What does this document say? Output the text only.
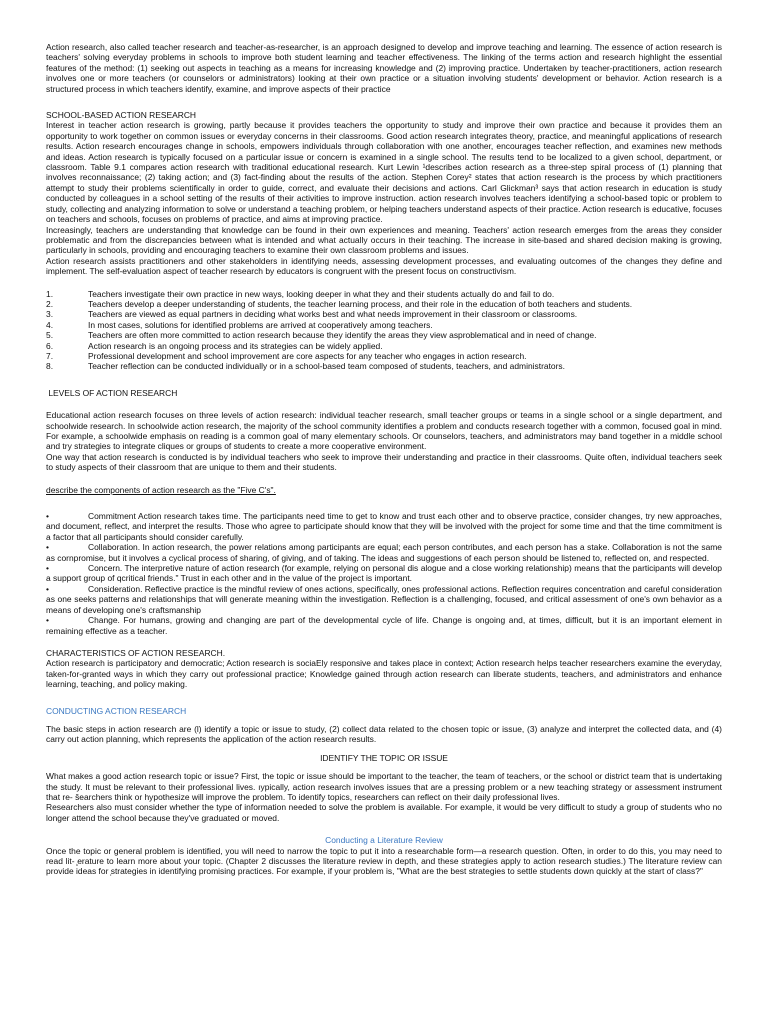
Action research, also called teacher research and teacher-as-researcher, is an approach designed to develop and improve teaching and learning. The essence of action research is teachers' solving everyday problems in schools to improve both student learning and teacher effectiveness. The linking of the terms action and research highlight the essential features of the method: (1) seeking out aspects in teaching as a means for increasing knowledge and (2) improving practice. Undertaken by teacher-practitioners, action research involves one or more teachers (or counselors or administrators) looking at their own practice or a situation involving students' development or behavior. Action research is a structured process in which teachers identify, examine, and improve aspects of their practice

SCHOOL-BASED ACTION RESEARCH

Interest in teacher action research is growing, partly because it provides teachers the opportunity to study and improve their own practice and because it provides them an opportunity to work together on common issues or everyday concerns in their classrooms. Good action research integrates theory, practice, and meaningful applications of research results. Action research encourages change in schools, empowers individuals through collaboration with one another, encourages teacher reflection, and examines new methods and ideas. Action research is typically focused on a particular issue or concern is examined in a single school. The results tend to be localized to a given school, department, or classroom. Table 9.1 compares action research with traditional educational research. Kurt Lewin ¹describes action research as a three-step spiral process of (1) planning that involves reconnaissance; (2) taking action; and (3) fact-finding about the results of the action. Stephen Corey² states that action research is the process by which practitioners attempt to study their problems scientifically in order to guide, correct, and evaluate their decisions and actions. Carl Glickman³ says that action research in education is study conducted by colleagues in a school setting of the results of their activities to improve instruction. action research involves teachers identifying a school-based topic or problem to study, collecting and analyzing information to solve or understand a teaching problem, or helping teachers understand aspects of their practice. Action research is educative, focuses on teachers and schools, focuses on problems of practice, and aims at improving practice.

Increasingly, teachers are understanding that knowledge can be found in their own experiences and meaning. Teachers' action research emerges from the areas they consider problematic and from the discrepancies between what is intended and what actually occurs in their teaching. The increase in site-based and shared decision making is growing, particularly in schools, providing and encouraging teachers to examine their own classroom problems and issues.

Action research assists practitioners and other stakeholders in identifying needs, assessing development processes, and evaluating outcomes of the changes they define and implement. The self-evaluation aspect of teacher research by educators is congruent with the present focus on constructivism.

1.	Teachers investigate their own practice in new ways, looking deeper in what they and their students actually do and fail to do.
2.	Teachers develop a deeper understanding of students, the teacher learning process, and their role in the education of both teachers and students.
3.	Teachers are viewed as equal partners in deciding what works best and what needs improvement in their classroom or classrooms.
4.	In most cases, solutions for identified problems are arrived at cooperatively among teachers.
5.	Teachers are often more committed to action research because they identify the areas they view asproblematical and in need of change.
6.	Action research is an ongoing process and its strategies can be widely applied.
7.	Professional development and school improvement are core aspects for any teacher who engages in action research.
8.	Teacher reflection can be conducted individually or in a school-based team composed of students, teachers, and administrators.

LEVELS OF ACTION RESEARCH

Educational action research focuses on three levels of action research: individual teacher research, small teacher groups or teams in a single school or a single department, and schoolwide research. In schoolwide action research, the majority of the school community identifies a problem and conducts research together with a common, focused goal in mind. For example, a schoolwide emphasis on reading is a common goal of many elementary schools. Or counselors, teachers, and administrators may band together in a middle school and try strategies to integrate cliques or groups of students to create a more cooperative environment.

One way that action research is conducted is by individual teachers who seek to improve their understanding and practice in their classrooms. Quite often, individual teachers seek to study aspects of their classroom that are unique to them and their students.

describe the components of action research as the "Five C's".

•	Commitment Action research takes time. The participants need time to get to know and trust each other and to observe practice, consider changes, try new approaches, and document, reflect, and interpret the results. Those who agree to participate should know that they will be involved with the project for some time and that the time commitment is a factor that all participants should consider carefully.

•	Collaboration. In action research, the power relations among participants are equal; each person contributes, and each person has a stake. Collaboration is not the same as cornpromise, but it involves a cyclical process of sharing, of giving, and of taking. The ideas and suggestions of each person should be listened to, reflected on, and respected.

•	Concern. The interpretive nature of action research (for example, relying on personal dis alogue and a close working relationship) means that the participants will develop a support group of qcritical friends." Trust in each other and in the value of the project is important.

•	Consideration. Reflective practice is the mindful review of ones actions, specifically, ones professional actions. Reflection requires concentration and careful consideration as one seeks patterns and relationships that will generate meaning within the investigation. Reflection is a challenging, focused, and critical assessment of one's own behavior as a means of developing one's craftsmanship

•	Change. For humans, growing and changing are part of the developmental cycle of life. Change is ongoing and, at times, difficult, but it is an important element in remaining effective as a teacher.

CHARACTERISTICS OF ACTION RESEARCH.

Action research is participatory and democratic; Action research is sociaEly responsive and takes place in context; Action research helps teacher researchers examine the everyday, taken-for-granted ways in which they carry out professional practice; Knowledge gained through action research can liberate students, teachers, and administrators and enhance learning, teaching, and policy making.

CONDUCTING ACTION RESEARCH

The basic steps in action research are (l) identify a topic or issue to study, (2) collect data related to the chosen topic or issue, (3) analyze and interpret the collected data, and (4) carry out action planning, which represents the application of the action research results.

IDENTIFY THE TOPIC OR ISSUE

What makes a good action research topic or issue? First, the topic or issue should be important to the teacher, the team of teachers, or the school or district team that is undertaking the study. It must be relevant to their professional lives. ıypically, action research involves issues that are a pressing problem or a new teaching strategy or assessment instrument that re- šearchers think or hypothesize will improve the problem. To identify topics, researchers can reflect on their daily professional lives.

Researchers also must consider whether the type of information needed to solve the problem is available. For example, it would be very difficult to study a group of students who no longer attend the school because they've graduated or moved.

Conducting a Literature Review

Once the topic or general problem is identified, you will need to narrow the topic to put it into a researchable form—a research question. Often, in order to do this, you may need to read lit- ̧erature to learn more about your topic. (Chapter 2 discusses the literature review in depth, and these strategies apply to action research studies.) The literature review can provide ideas for ̦strategies in identifying promising practices. For example, if your problem is, "What are the best strategies to settle students down quickly at the start of class?"
